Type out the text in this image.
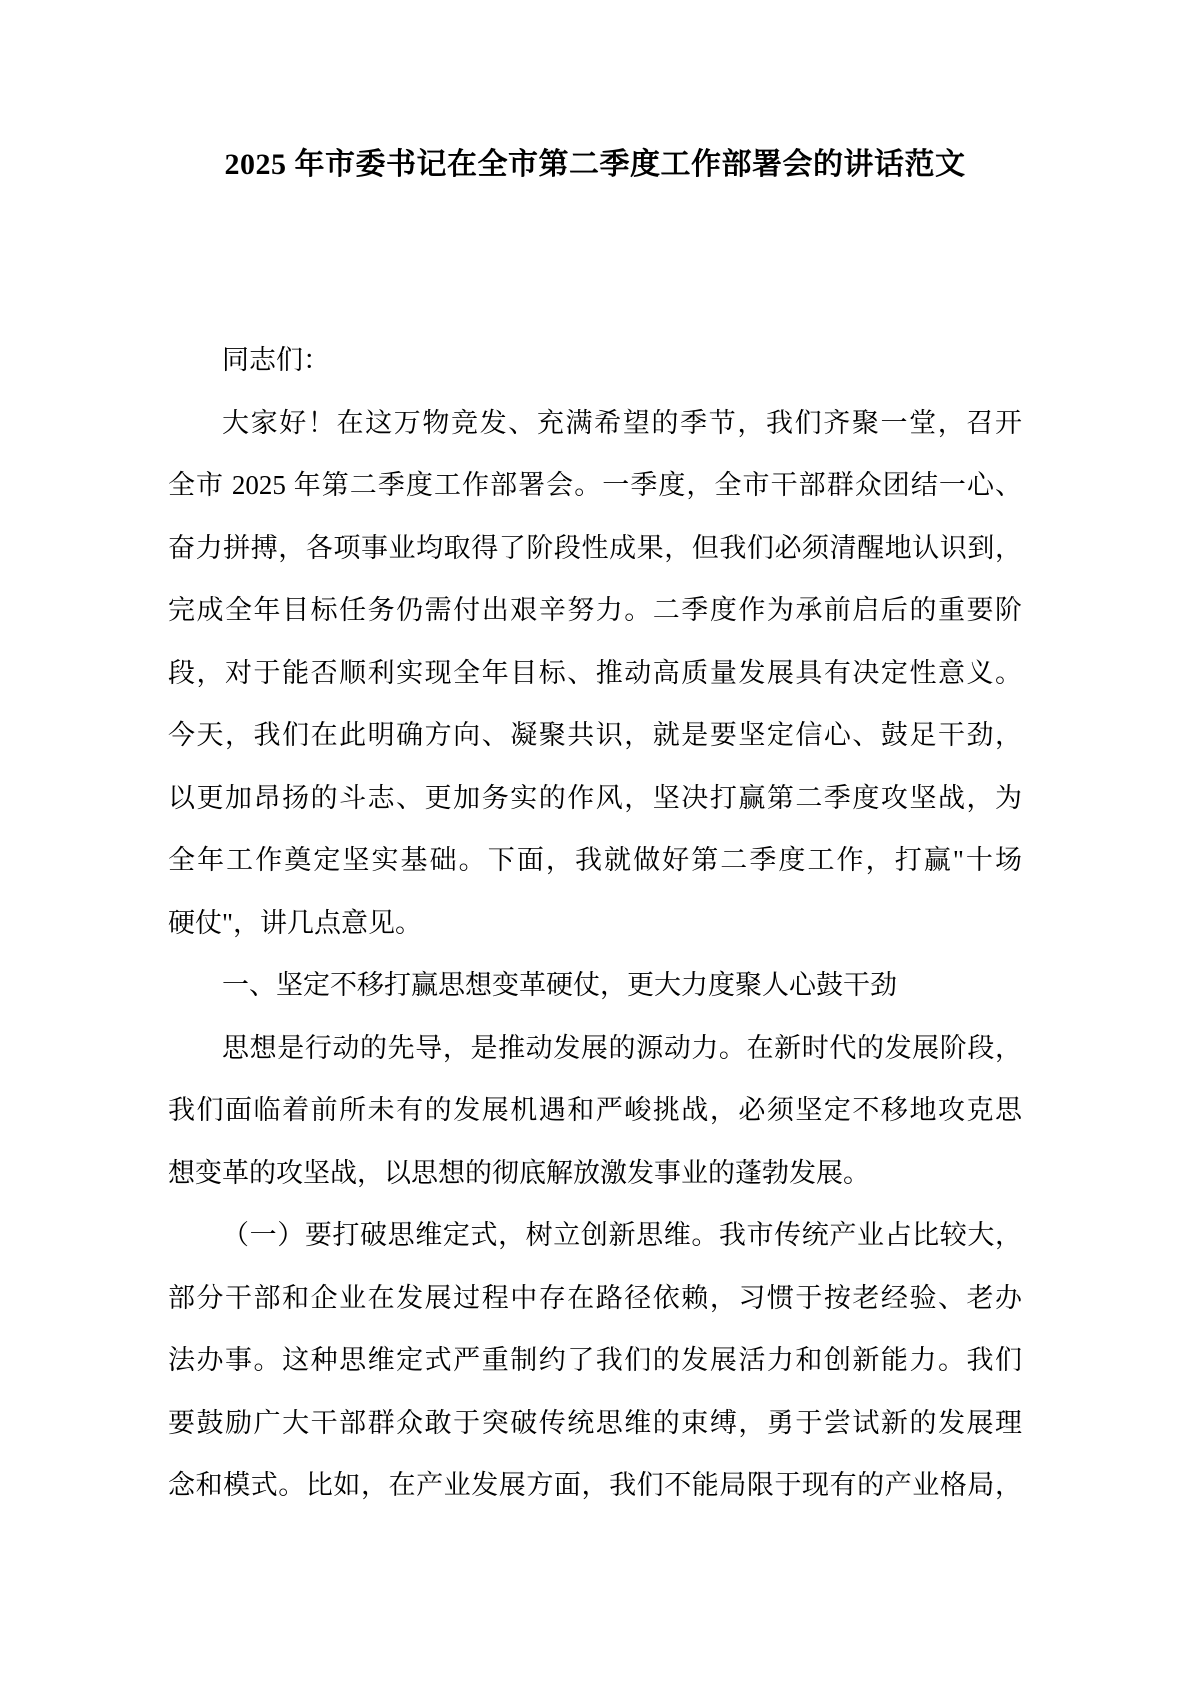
2025 年市委书记在全市第二季度工作部署会的讲话范文
同志们：
大家好！在这万物竞发、充满希望的季节，我们齐聚一堂，召开
全市 2025 年第二季度工作部署会。一季度，全市干部群众团结一心、
奋力拼搏，各项事业均取得了阶段性成果，但我们必须清醒地认识到，
完成全年目标任务仍需付出艰辛努力。二季度作为承前启后的重要阶
段，对于能否顺利实现全年目标、推动高质量发展具有决定性意义。
今天，我们在此明确方向、凝聚共识，就是要坚定信心、鼓足干劲，
以更加昂扬的斗志、更加务实的作风，坚决打赢第二季度攻坚战，为
全年工作奠定坚实基础。下面，我就做好第二季度工作，打赢"十场
硬仗"，讲几点意见。
一、坚定不移打赢思想变革硬仗，更大力度聚人心鼓干劲
思想是行动的先导，是推动发展的源动力。在新时代的发展阶段，
我们面临着前所未有的发展机遇和严峻挑战，必须坚定不移地攻克思
想变革的攻坚战，以思想的彻底解放激发事业的蓬勃发展。
（一）要打破思维定式，树立创新思维。我市传统产业占比较大，
部分干部和企业在发展过程中存在路径依赖，习惯于按老经验、老办
法办事。这种思维定式严重制约了我们的发展活力和创新能力。我们
要鼓励广大干部群众敢于突破传统思维的束缚，勇于尝试新的发展理
念和模式。比如，在产业发展方面，我们不能局限于现有的产业格局，
